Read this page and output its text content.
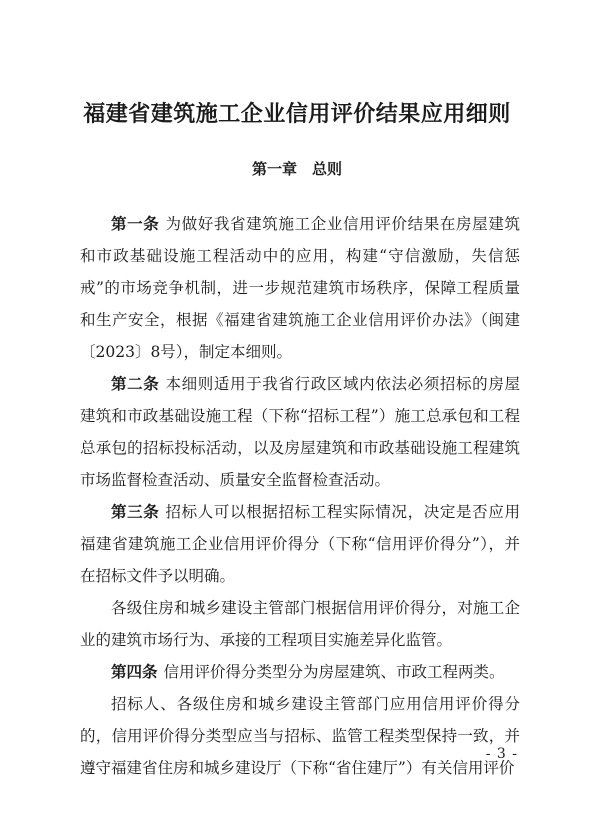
福建省建筑施工企业信用评价结果应用细则
第一章　总则

第一条 为做好我省建筑施工企业信用评价结果在房屋建筑和市政基础设施工程活动中的应用，构建“守信激励，失信惩戒”的市场竞争机制，进一步规范建筑市场秩序，保障工程质量和生产安全，根据《福建省建筑施工企业信用评价办法》（闽建〔2023〕8号），制定本细则。

第二条 本细则适用于我省行政区域内依法必须招标的房屋建筑和市政基础设施工程（下称“招标工程”）施工总承包和工程总承包的招标投标活动，以及房屋建筑和市政基础设施工程建筑市场监督检查活动、质量安全监督检查活动。

第三条 招标人可以根据招标工程实际情况，决定是否应用福建省建筑施工企业信用评价得分（下称“信用评价得分”），并在招标文件予以明确。

各级住房和城乡建设主管部门根据信用评价得分，对施工企业的建筑市场行为、承接的工程项目实施差异化监管。

第四条 信用评价得分类型分为房屋建筑、市政工程两类。

招标人、各级住房和城乡建设主管部门应用信用评价得分的，信用评价得分类型应当与招标、监管工程类型保持一致，并遵守福建省住房和城乡建设厅（下称“省住建厅”）有关信用评价

- 3 -
